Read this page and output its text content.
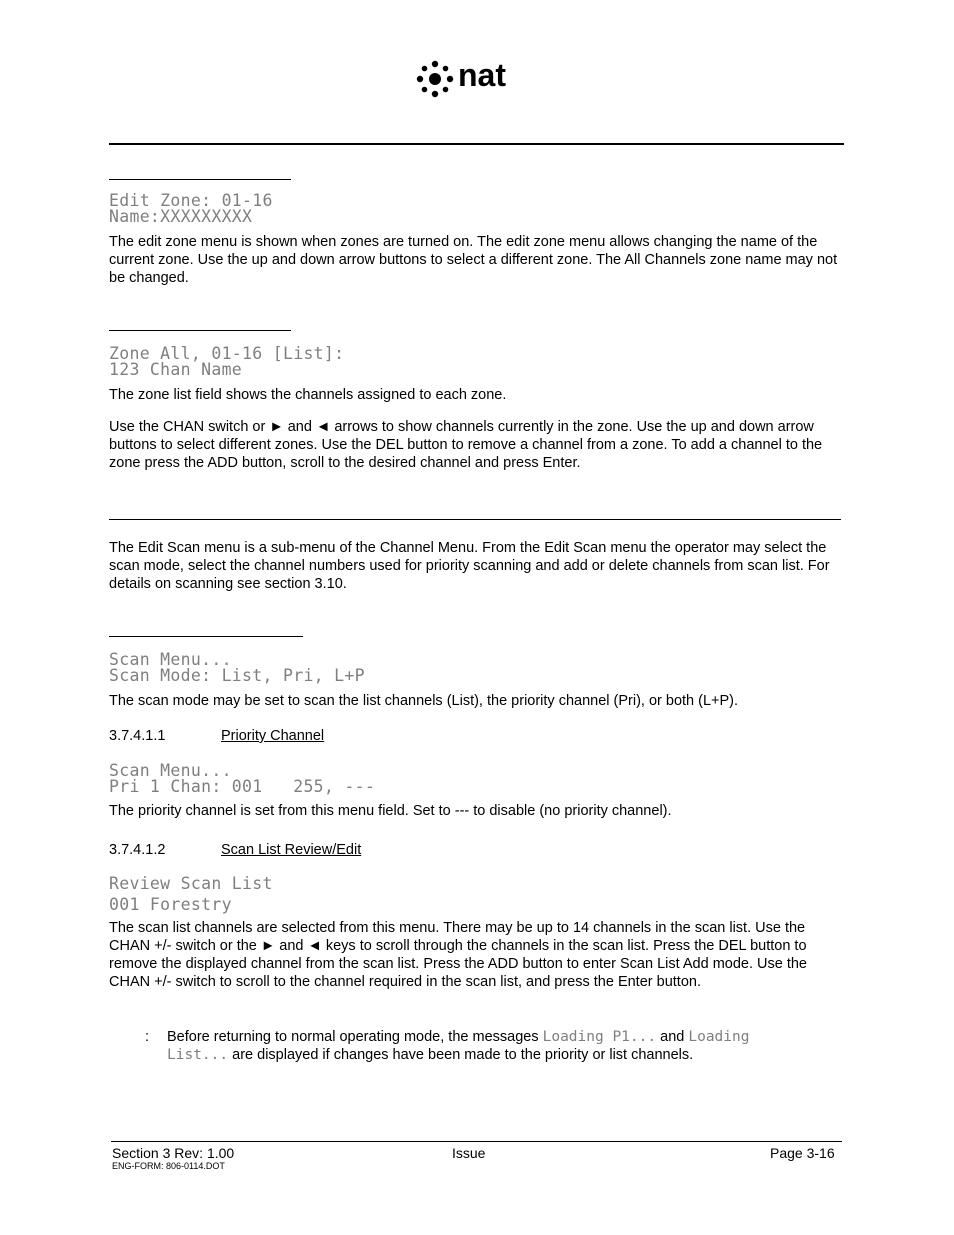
nat
Edit Zone: 01-16
Name:XXXXXXXXX
The edit zone menu is shown when zones are turned on. The edit zone menu allows changing the name of the current zone. Use the up and down arrow buttons to select a different zone. The All Channels zone name may not be changed.
Zone All, 01-16 [List]:
123 Chan Name
The zone list field shows the channels assigned to each zone.
Use the CHAN switch or ► and ◄ arrows to show channels currently in the zone. Use the up and down arrow buttons to select different zones. Use the DEL button to remove a channel from a zone. To add a channel to the zone press the ADD button, scroll to the desired channel and press Enter.
The Edit Scan menu is a sub-menu of the Channel Menu. From the Edit Scan menu the operator may select the scan mode, select the channel numbers used for priority scanning and add or delete channels from scan list. For details on scanning see section 3.10.
Scan Menu...
Scan Mode: List, Pri, L+P
The scan mode may be set to scan the list channels (List), the priority channel (Pri), or both (L+P).
3.7.4.1.1	Priority Channel
Scan Menu...
Pri 1 Chan: 001   255, ---
The priority channel is set from this menu field. Set to --- to disable (no priority channel).
3.7.4.1.2	Scan List Review/Edit
Review Scan List
001 Forestry
The scan list channels are selected from this menu. There may be up to 14 channels in the scan list. Use the CHAN +/- switch or the ► and ◄ keys to scroll through the channels in the scan list. Press the DEL button to remove the displayed channel from the scan list. Press the ADD button to enter Scan List Add mode. Use the CHAN +/- switch to scroll to the channel required in the scan list, and press the Enter button.
: Before returning to normal operating mode, the messages Loading P1... and Loading
List... are displayed if changes have been made to the priority or list channels.
Section 3 Rev: 1.00	Issue	Page 3-16
ENG-FORM: 806-0114.DOT
